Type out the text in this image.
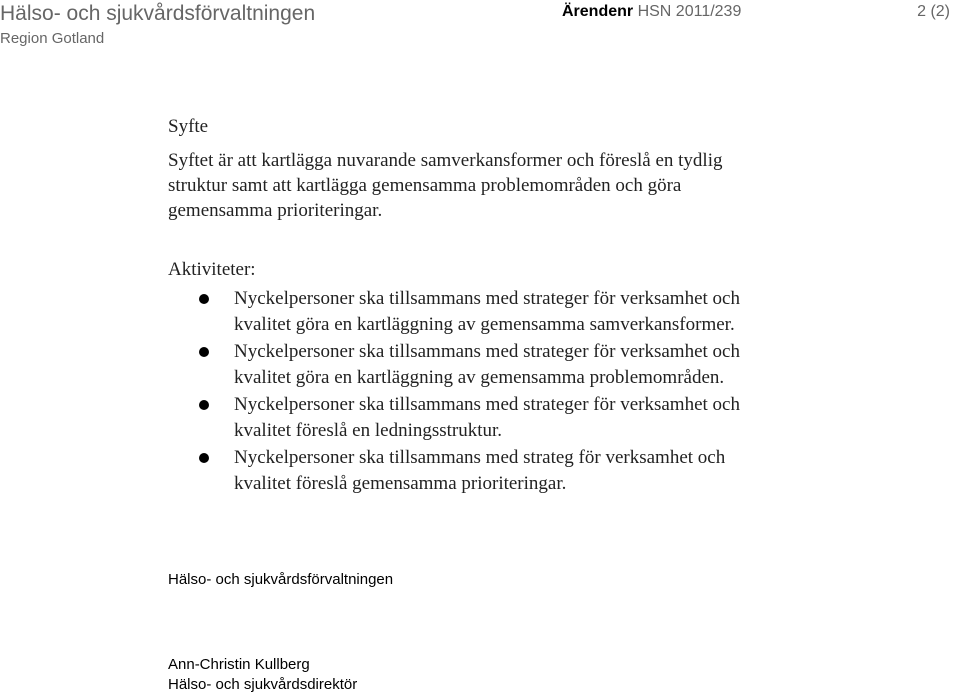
Hälso- och sjukvårdsförvaltningen
Region Gotland
Ärendenr HSN 2011/239	2 (2)
Syfte
Syftet är att kartlägga nuvarande samverkansformer och föreslå en tydlig
struktur samt att kartlägga gemensamma problemområden och göra
gemensamma prioriteringar.
Aktiviteter:
Nyckelpersoner ska tillsammans med strateger för verksamhet och
kvalitet göra en kartläggning av gemensamma samverkansformer.
Nyckelpersoner ska tillsammans med strateger för verksamhet och
kvalitet göra en kartläggning av gemensamma problemområden.
Nyckelpersoner ska tillsammans med strateger för verksamhet och
kvalitet föreslå en ledningsstruktur.
Nyckelpersoner ska tillsammans med strateg för verksamhet och
kvalitet föreslå gemensamma prioriteringar.
Hälso- och sjukvårdsförvaltningen
Ann-Christin Kullberg
Hälso- och sjukvårdsdirektör
